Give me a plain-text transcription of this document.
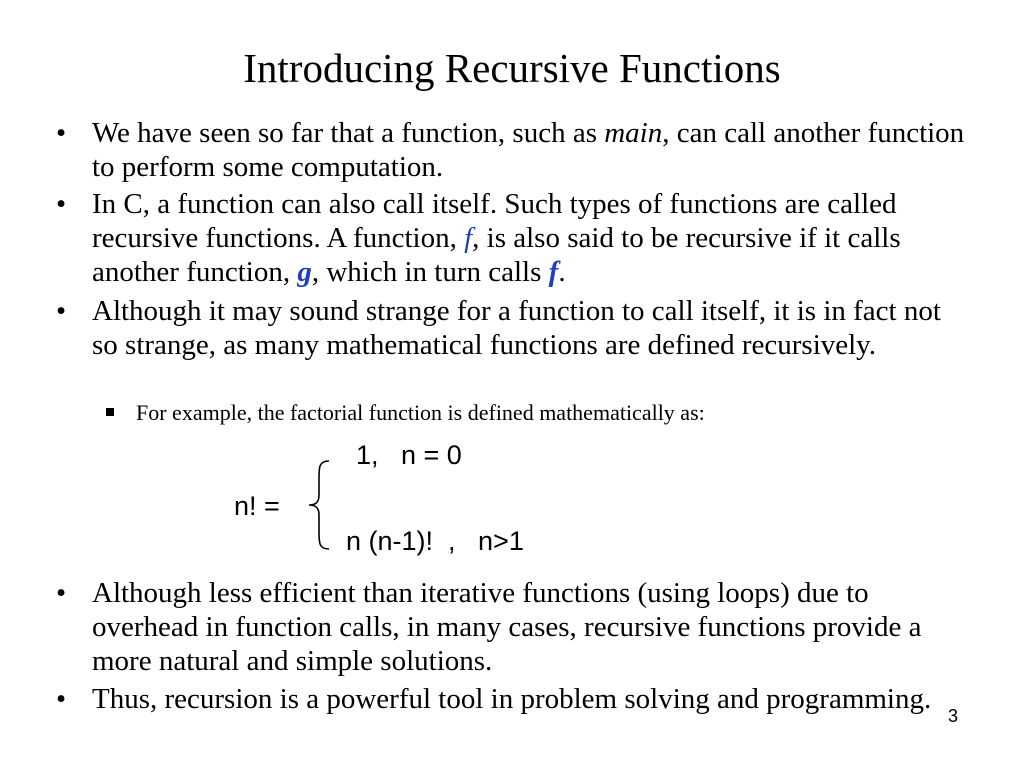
Introducing Recursive Functions
• We have seen so far that a function, such as main, can call another function to perform some computation.
• In C, a function can also call itself. Such types of functions are called recursive functions. A function, f, is also said to be recursive if it calls another function, g, which in turn calls f.
• Although it may sound strange for a function to call itself, it is in fact not so strange, as many mathematical functions are defined recursively.
For example, the factorial function is defined mathematically as:
n! =
1,   n = 0
n (n-1)!  ,   n>1
• Although less efficient than iterative functions (using loops) due to overhead in function calls, in many cases, recursive functions provide a more natural and simple solutions.
• Thus, recursion is a powerful tool in problem solving and programming.
3
